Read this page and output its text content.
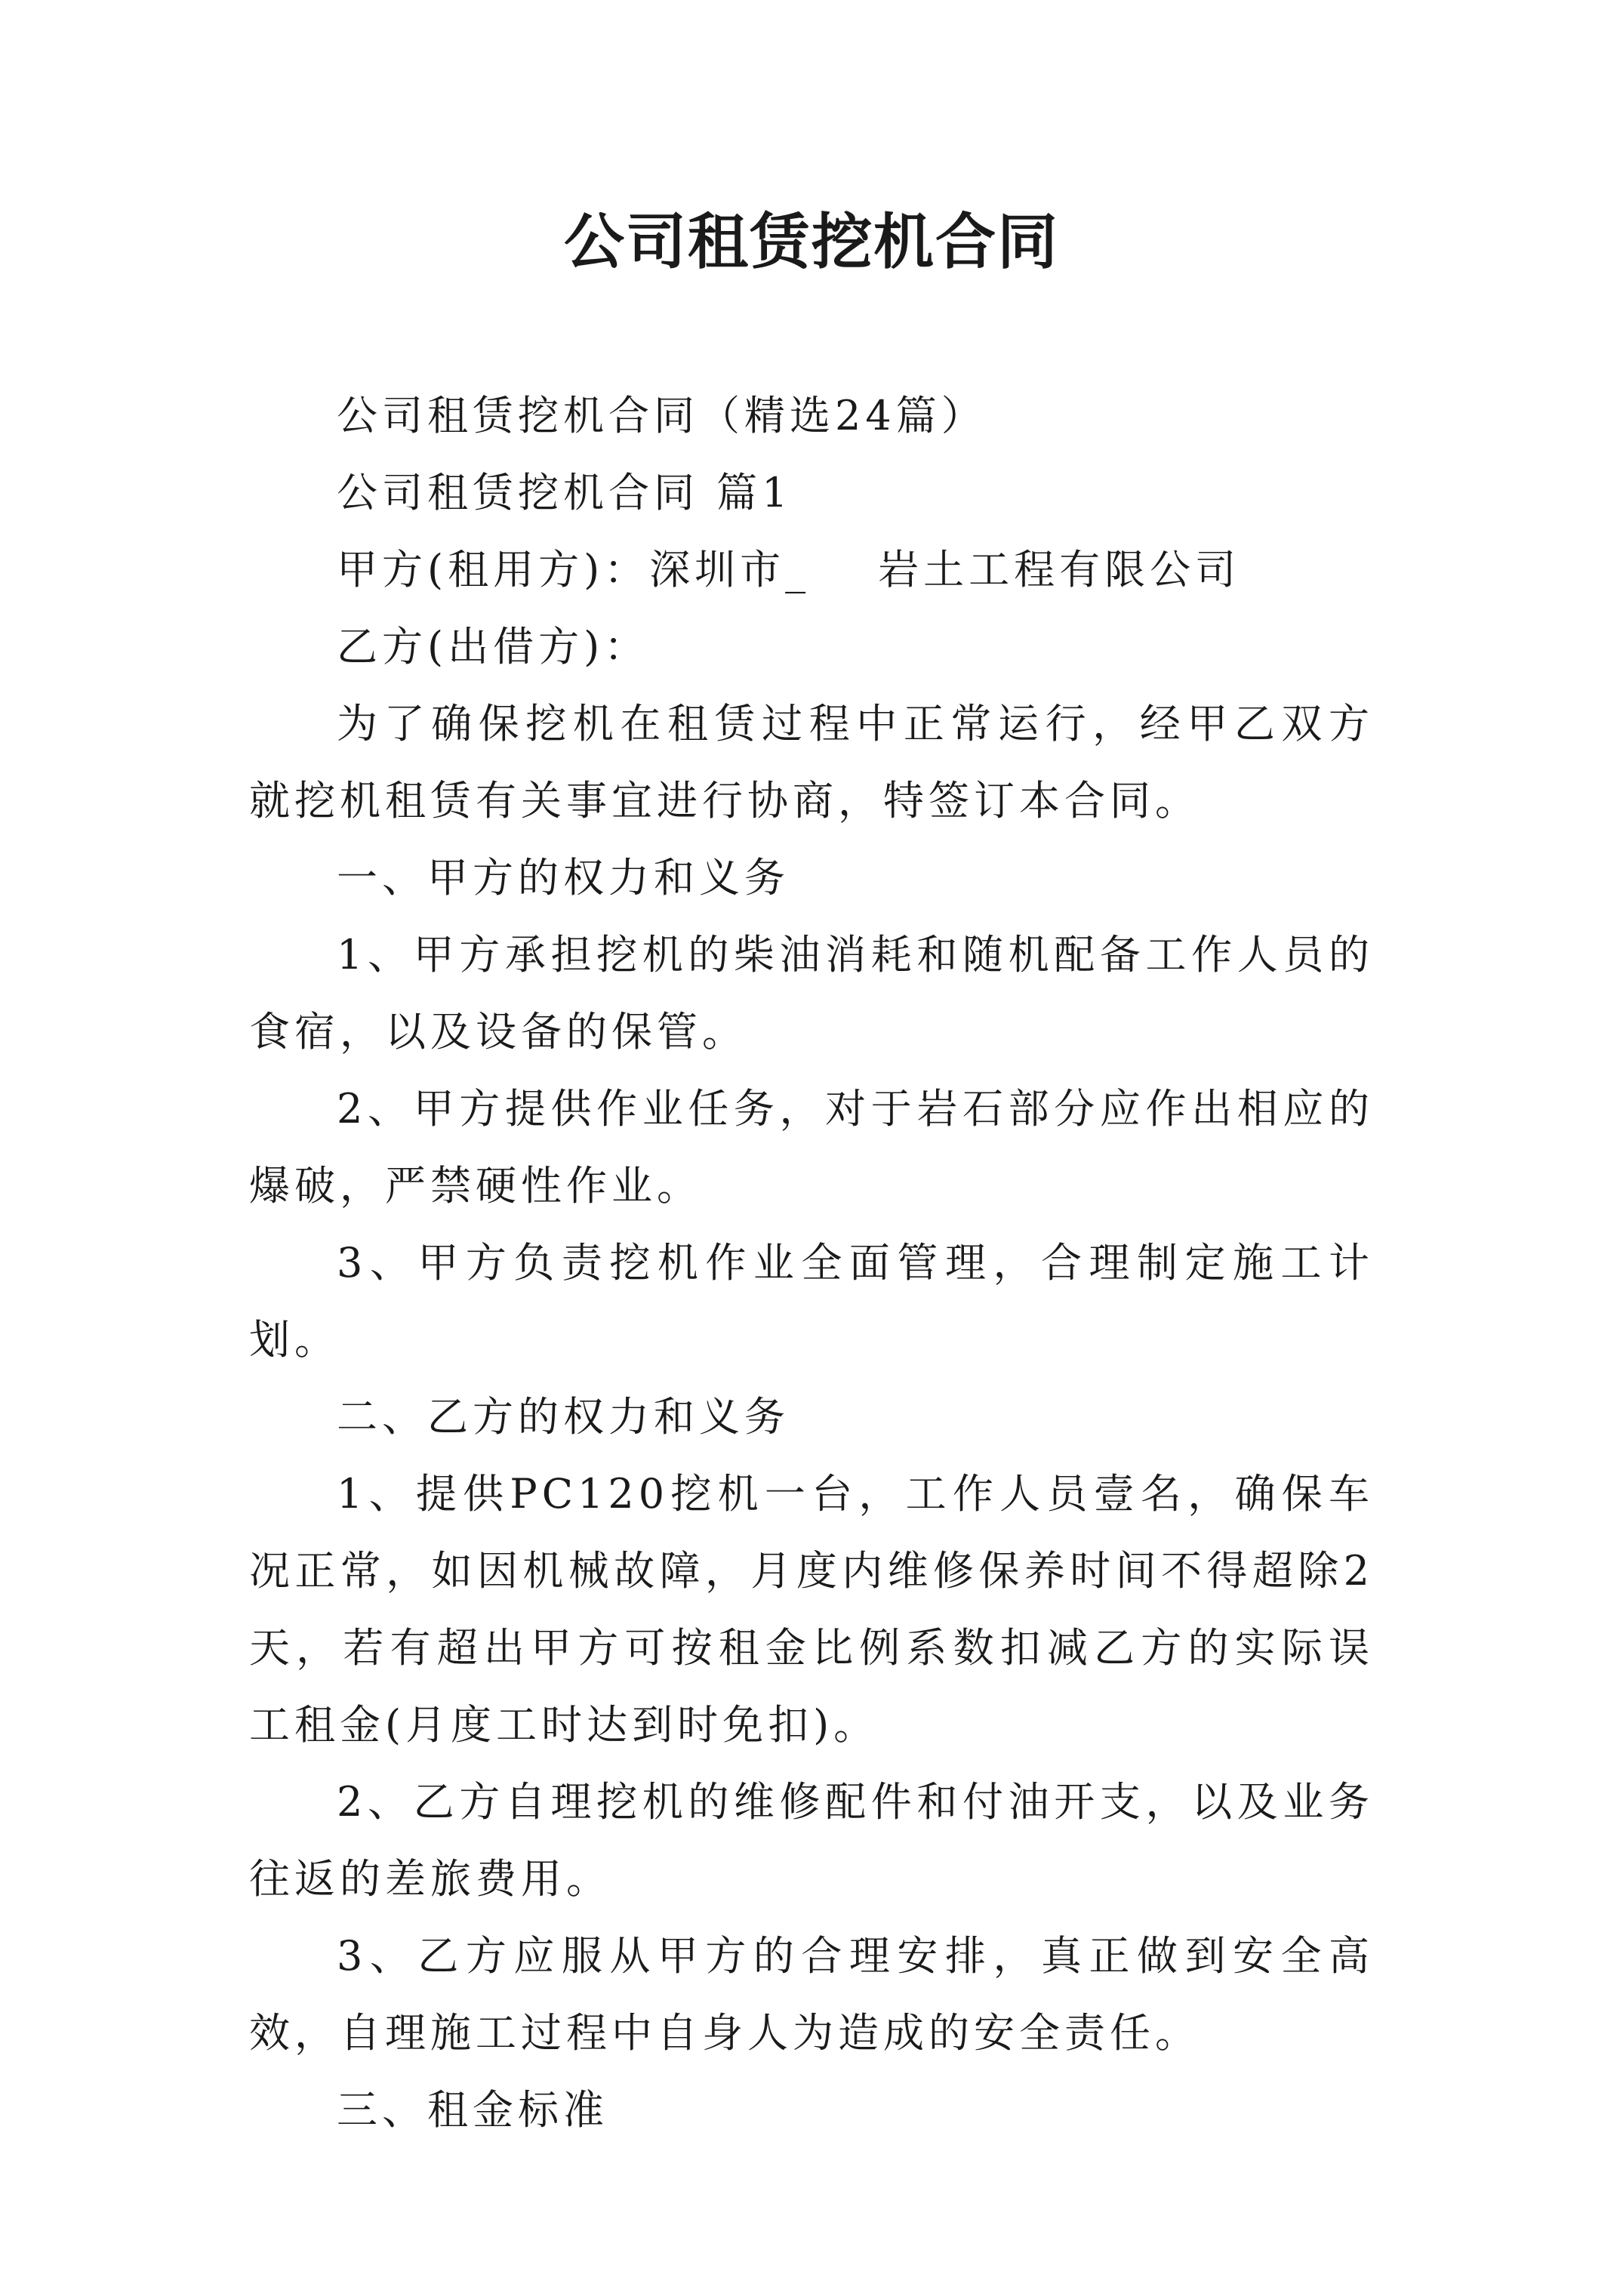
公司租赁挖机合同

公司租赁挖机合同（精选24篇）

公司租赁挖机合同 篇1

甲方(租用方)：深圳市_ 岩土工程有限公司

乙方(出借方)：

为了确保挖机在租赁过程中正常运行，经甲乙双方就挖机租赁有关事宜进行协商，特签订本合同。

一、甲方的权力和义务

1、甲方承担挖机的柴油消耗和随机配备工作人员的食宿，以及设备的保管。

2、甲方提供作业任务，对于岩石部分应作出相应的爆破，严禁硬性作业。

3、甲方负责挖机作业全面管理，合理制定施工计划。

二、乙方的权力和义务

1、提供PC120挖机一台，工作人员壹名，确保车况正常，如因机械故障，月度内维修保养时间不得超除2天，若有超出甲方可按租金比例系数扣减乙方的实际误工租金(月度工时达到时免扣)。

2、乙方自理挖机的维修配件和付油开支，以及业务往返的差旅费用。

3、乙方应服从甲方的合理安排，真正做到安全高效，自理施工过程中自身人为造成的安全责任。

三、租金标准
